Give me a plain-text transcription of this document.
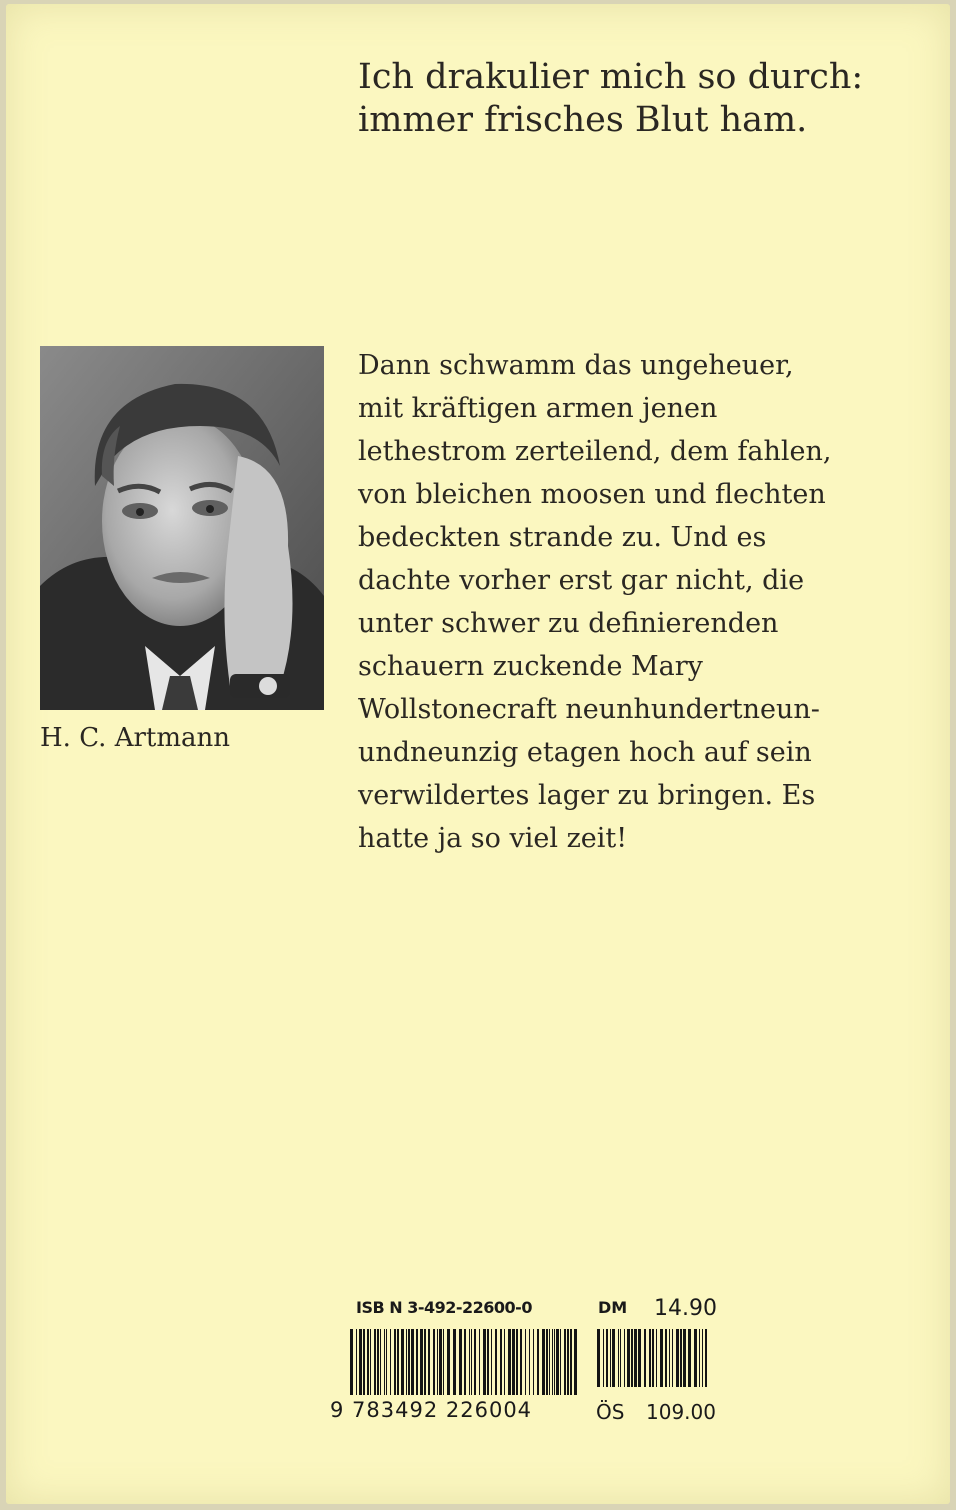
Ich drakulier mich so durch:
immer frisches Blut ham.
H. C. Artmann
Dann schwamm das ungeheuer,
mit kräftigen armen jenen
lethestrom zerteilend, dem fahlen,
von bleichen moosen und flechten
bedeckten strande zu. Und es
dachte vorher erst gar nicht, die
unter schwer zu definierenden
schauern zuckende Mary
Wollstonecraft neunhundertneun-
undneunzig etagen hoch auf sein
verwildertes lager zu bringen. Es
hatte ja so viel zeit!
ISB N 3-492-22600-0	DM 14.90
9 783492 226004	ÖS 109.00
